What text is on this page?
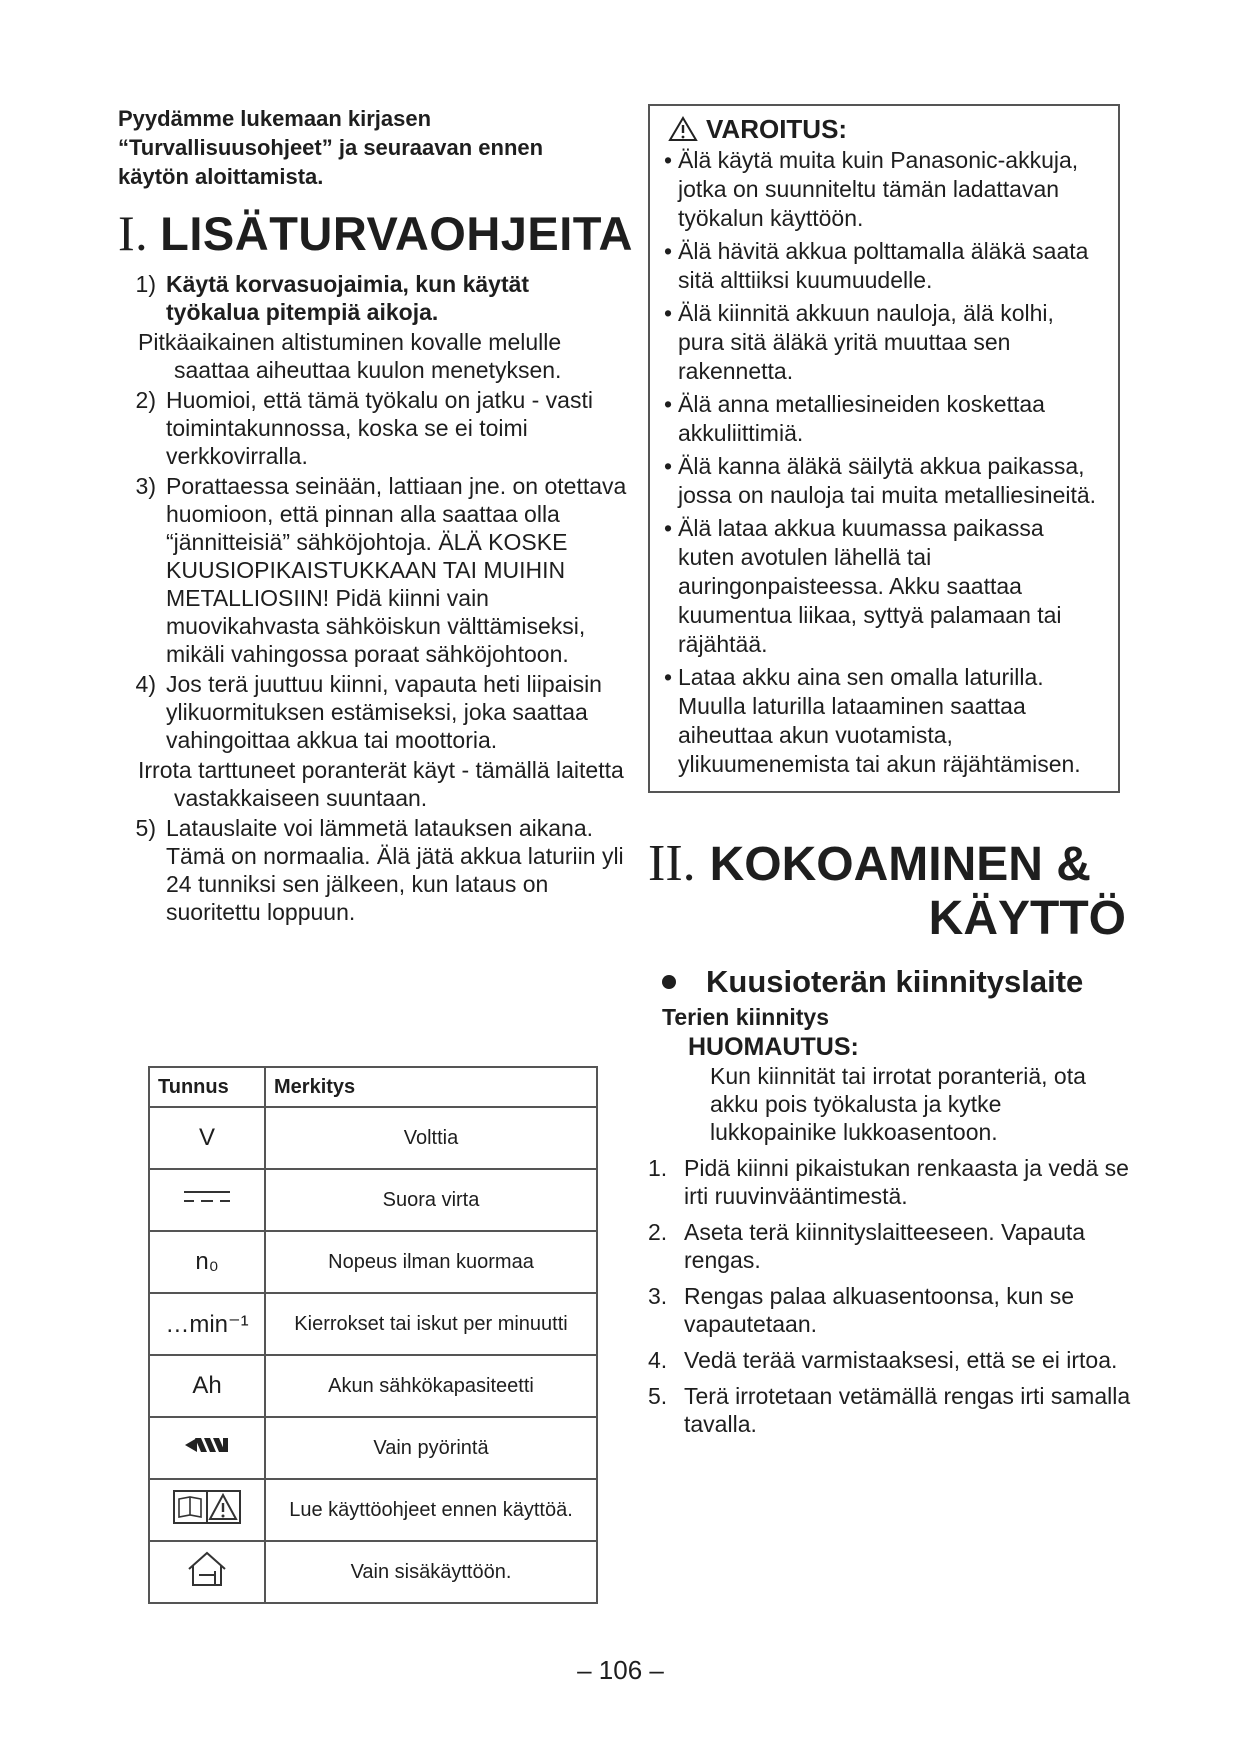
Pyydämme lukemaan kirjasen “Turvallisuusohjeet” ja seuraavan ennen käytön aloittamista.

I. LISÄTURVAOHJEITA
1) Käytä korvasuojaimia, kun käytät työkalua pitempiä aikoja.

Pitkäaikainen altistuminen kovalle melulle saattaa aiheuttaa kuulon menetyksen.

2) Huomioi, että tämä työkalu on jatku - vasti toimintakunnossa, koska se ei toimi verkkovirralla.
3) Porattaessa seinään, lattiaan jne. on otettava huomioon, että pinnan alla saattaa olla “jännitteisiä” sähköjohtoja. ÄLÄ KOSKE KUUSIOPIKAISTUKKAAN TAI MUIHIN METALLIOSIIN! Pidä kiinni vain muovikahvasta sähköiskun välttämiseksi, mikäli vahingossa poraat sähköjohtoon.
4) Jos terä juuttuu kiinni, vapauta heti liipaisin ylikuormituksen estämiseksi, joka saattaa vahingoittaa akkua tai moottoria.

Irrota tarttuneet poranterät käyt - tämällä laitetta vastakkaiseen suuntaan.

5) Latauslaite voi lämmetä latauksen aikana. Tämä on normaalia. Älä jätä akkua laturiin yli 24 tunniksi sen jälkeen, kun lataus on suoritettu loppuun.
Tunnus	Merkitys
V	Volttia
	Suora virta
n₀	Nopeus ilman kuormaa
…min⁻¹	Kierrokset tai iskut per minuutti
Ah	Akun sähkökapasiteetti
	Vain pyörintä
	Lue käyttöohjeet ennen käyttöä.
	Vain sisäkäyttöön.
VAROITUS:
• Älä käytä muita kuin Panasonic-akkuja, jotka on suunniteltu tämän ladattavan työkalun käyttöön.
• Älä hävitä akkua polttamalla äläkä saata sitä alttiiksi kuumuudelle.
• Älä kiinnitä akkuun nauloja, älä kolhi, pura sitä äläkä yritä muuttaa sen rakennetta.
• Älä anna metalliesineiden koskettaa akkuliittimiä.
• Älä kanna äläkä säilytä akkua paikassa, jossa on nauloja tai muita metalliesineitä.
• Älä lataa akkua kuumassa paikassa kuten avotulen lähellä tai auringonpaisteessa. Akku saattaa kuumentua liikaa, syttyä palamaan tai räjähtää.
• Lataa akku aina sen omalla laturilla. Muulla laturilla lataaminen saattaa aiheuttaa akun vuotamista, ylikuumenemista tai akun räjähtämisen.
II. KOKOAMINEN &
KÄYTTÖ
Kuusioterän kiinnityslaite
Terien kiinnitys
HUOMAUTUS:
Kun kiinnität tai irrotat poranteriä, ota akku pois työkalusta ja kytke lukkopainike lukkoasentoon.
1. Pidä kiinni pikaistukan renkaasta ja vedä se irti ruuvinvääntimestä.
2. Aseta terä kiinnityslaitteeseen. Vapauta rengas.
3. Rengas palaa alkuasentoonsa, kun se vapautetaan.
4. Vedä terää varmistaaksesi, että se ei irtoa.
5. Terä irrotetaan vetämällä rengas irti samalla tavalla.
– 106 –
